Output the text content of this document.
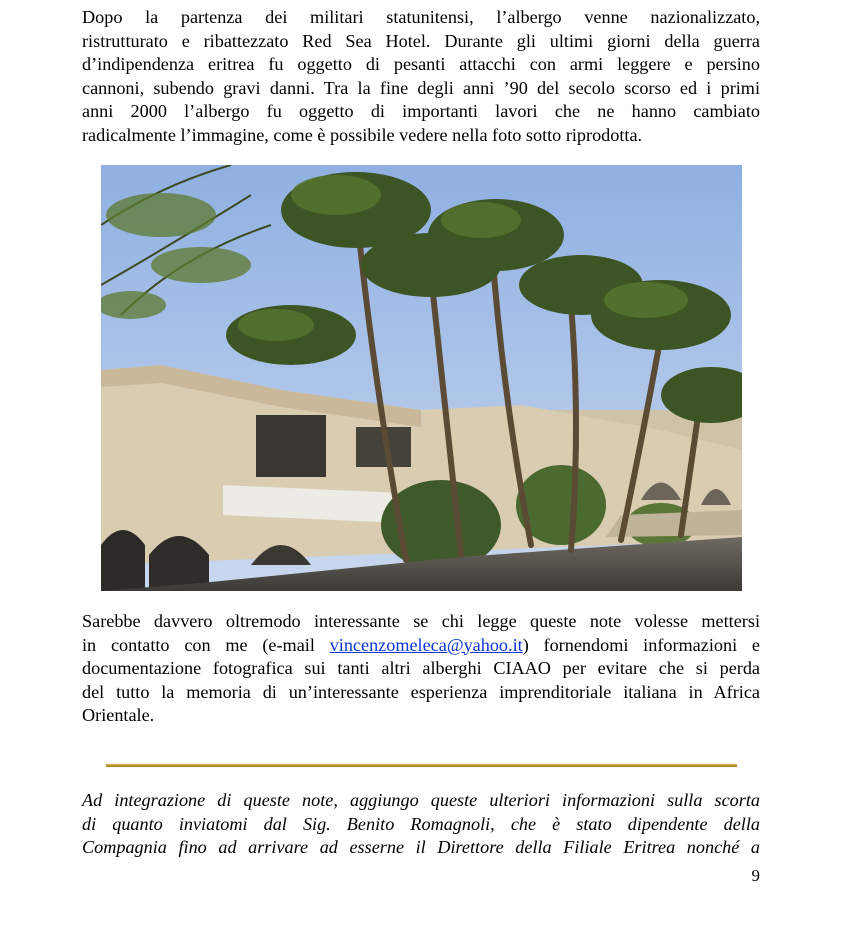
Dopo la partenza dei militari statunitensi, l’albergo venne nazionalizzato,
ristrutturato e ribattezzato Red Sea Hotel. Durante gli ultimi giorni della guerra
d’indipendenza eritrea fu oggetto di pesanti attacchi con armi leggere e persino
cannoni, subendo gravi danni. Tra la fine degli anni ’90 del secolo scorso ed i primi
anni 2000 l’albergo fu oggetto di importanti lavori che ne hanno cambiato
radicalmente l’immagine, come è possibile vedere nella foto sotto riprodotta.
Sarebbe davvero oltremodo interessante se chi legge queste note volesse mettersi
in contatto con me (e-mail vincenzomeleca@yahoo.it) fornendomi informazioni e
documentazione fotografica sui tanti altri alberghi CIAAO per evitare che si perda
del tutto la memoria di un’interessante esperienza imprenditoriale italiana in Africa
Orientale.
Ad integrazione di queste note, aggiungo queste ulteriori informazioni sulla scorta
di quanto inviatomi dal Sig. Benito Romagnoli, che è stato dipendente della
Compagnia fino ad arrivare ad esserne il Direttore della Filiale Eritrea nonché a
9
